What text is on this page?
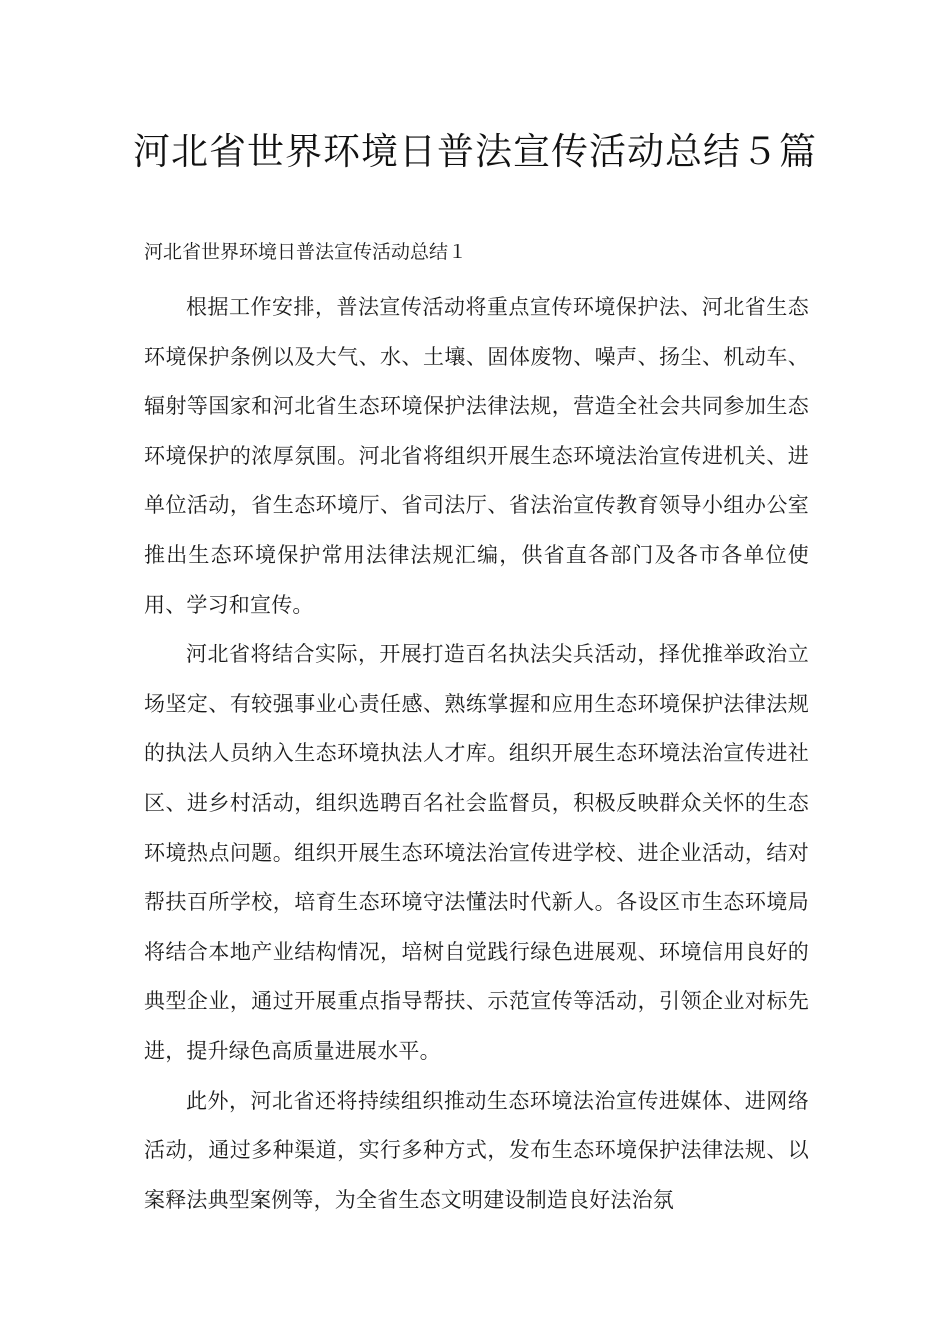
河北省世界环境日普法宣传活动总结５篇

河北省世界环境日普法宣传活动总结１

根据工作安排，普法宣传活动将重点宣传环境保护法、河北省生态环境保护条例以及大气、水、土壤、固体废物、噪声、扬尘、机动车、辐射等国家和河北省生态环境保护法律法规，营造全社会共同参加生态环境保护的浓厚氛围。河北省将组织开展生态环境法治宣传进机关、进单位活动，省生态环境厅、省司法厅、省法治宣传教育领导小组办公室推出生态环境保护常用法律法规汇编，供省直各部门及各市各单位使用、学习和宣传。

河北省将结合实际，开展打造百名执法尖兵活动，择优推举政治立场坚定、有较强事业心责任感、熟练掌握和应用生态环境保护法律法规的执法人员纳入生态环境执法人才库。组织开展生态环境法治宣传进社区、进乡村活动，组织选聘百名社会监督员，积极反映群众关怀的生态环境热点问题。组织开展生态环境法治宣传进学校、进企业活动，结对帮扶百所学校，培育生态环境守法懂法时代新人。各设区市生态环境局将结合本地产业结构情况，培树自觉践行绿色进展观、环境信用良好的典型企业，通过开展重点指导帮扶、示范宣传等活动，引领企业对标先进，提升绿色高质量进展水平。

此外，河北省还将持续组织推动生态环境法治宣传进媒体、进网络活动，通过多种渠道，实行多种方式，发布生态环境保护法律法规、以案释法典型案例等，为全省生态文明建设制造良好法治氛
